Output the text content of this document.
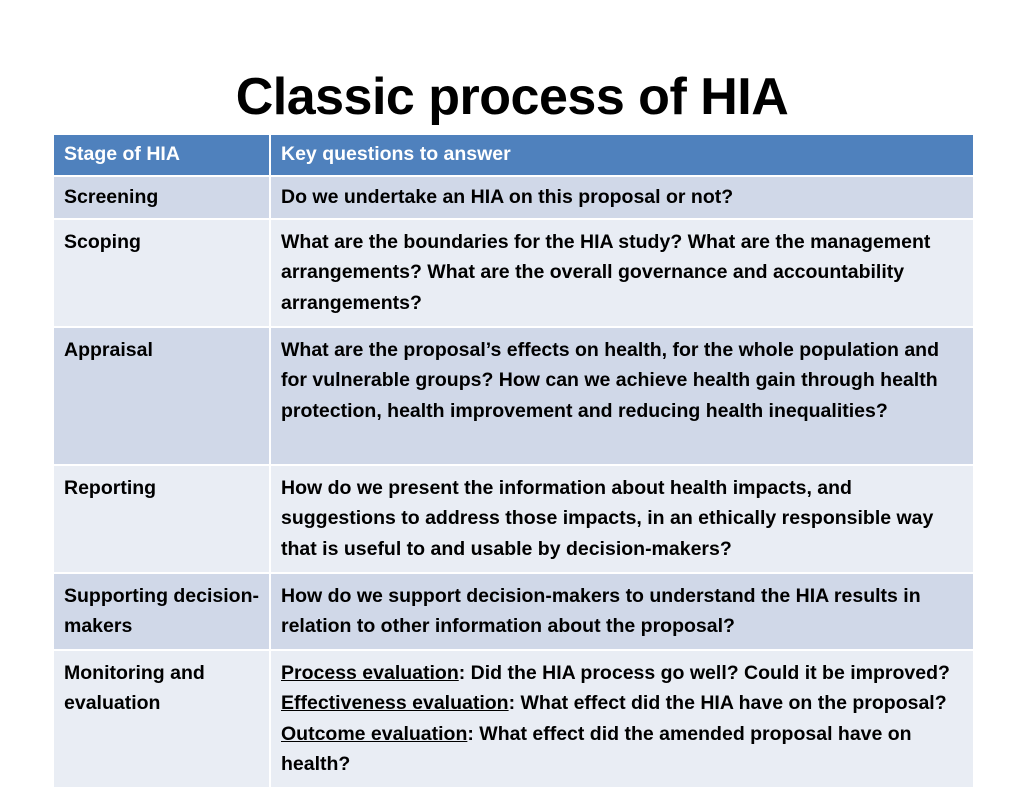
Classic process of HIA
Stage of HIA	Key questions to answer
Screening	Do we undertake an HIA on this proposal or not?
Scoping	What are the boundaries for the HIA study? What are the management arrangements? What are the overall governance and accountability arrangements?
Appraisal	What are the proposal’s effects on health, for the whole population and for vulnerable groups? How can we achieve health gain through health protection, health improvement and reducing health inequalities?
Reporting	How do we present the information about health impacts, and suggestions to address those impacts, in an ethically responsible way that is useful to and usable by decision-makers?
Supporting decision-makers	How do we support decision-makers to understand the HIA results in relation to other information about the proposal?
Monitoring and evaluation	Process evaluation: Did the HIA process go well? Could it be improved? Effectiveness evaluation: What effect did the HIA have on the proposal? Outcome evaluation: What effect did the amended proposal have on health?
